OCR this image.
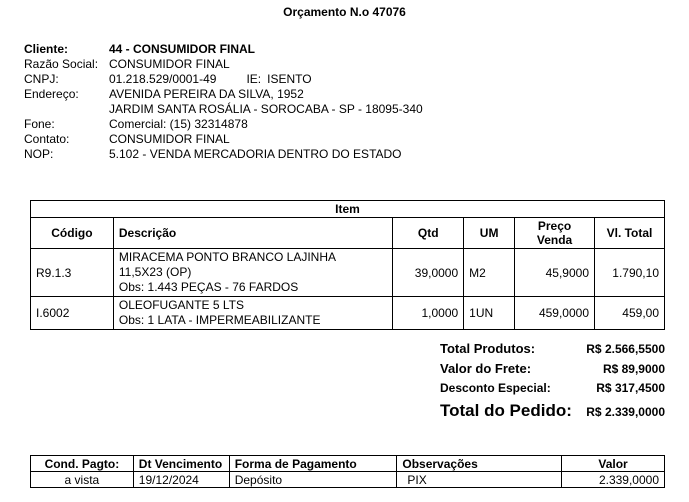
Orçamento N.o 47076
Cliente:	44 - CONSUMIDOR FINAL
Razão Social: CONSUMIDOR FINAL
CNPJ:	01.218.529/0001-49	IE: ISENTO
Endereço:	AVENIDA PEREIRA DA SILVA, 1952
JARDIM SANTA ROSÁLIA - SOROCABA - SP - 18095-340
Fone:	Comercial: (15) 32314878
Contato:	CONSUMIDOR FINAL
NOP:	5.102 - VENDA MERCADORIA DENTRO DO ESTADO
Item					
Código	Descrição	Qtd	UM	Preço Venda	Vl. Total
R9.1.3	MIRACEMA PONTO BRANCO LAJINHA
11,5X23 (OP)
Obs: 1.443 PEÇAS - 76 FARDOS	39,0000	M2	45,9000	1.790,10
I.6002	OLEOFUGANTE 5 LTS
Obs: 1 LATA - IMPERMEABILIZANTE	1,0000	1UN	459,0000	459,00
Total Produtos:	R$ 2.566,5500
Valor do Frete:	R$ 89,9000
Desconto Especial:	R$ 317,4500
Total do Pedido: R$ 2.339,0000
Cond. Pagto:	Dt Vencimento	Forma de Pagamento	Observações	Valor
a vista	19/12/2024	Depósito	PIX	2.339,0000
